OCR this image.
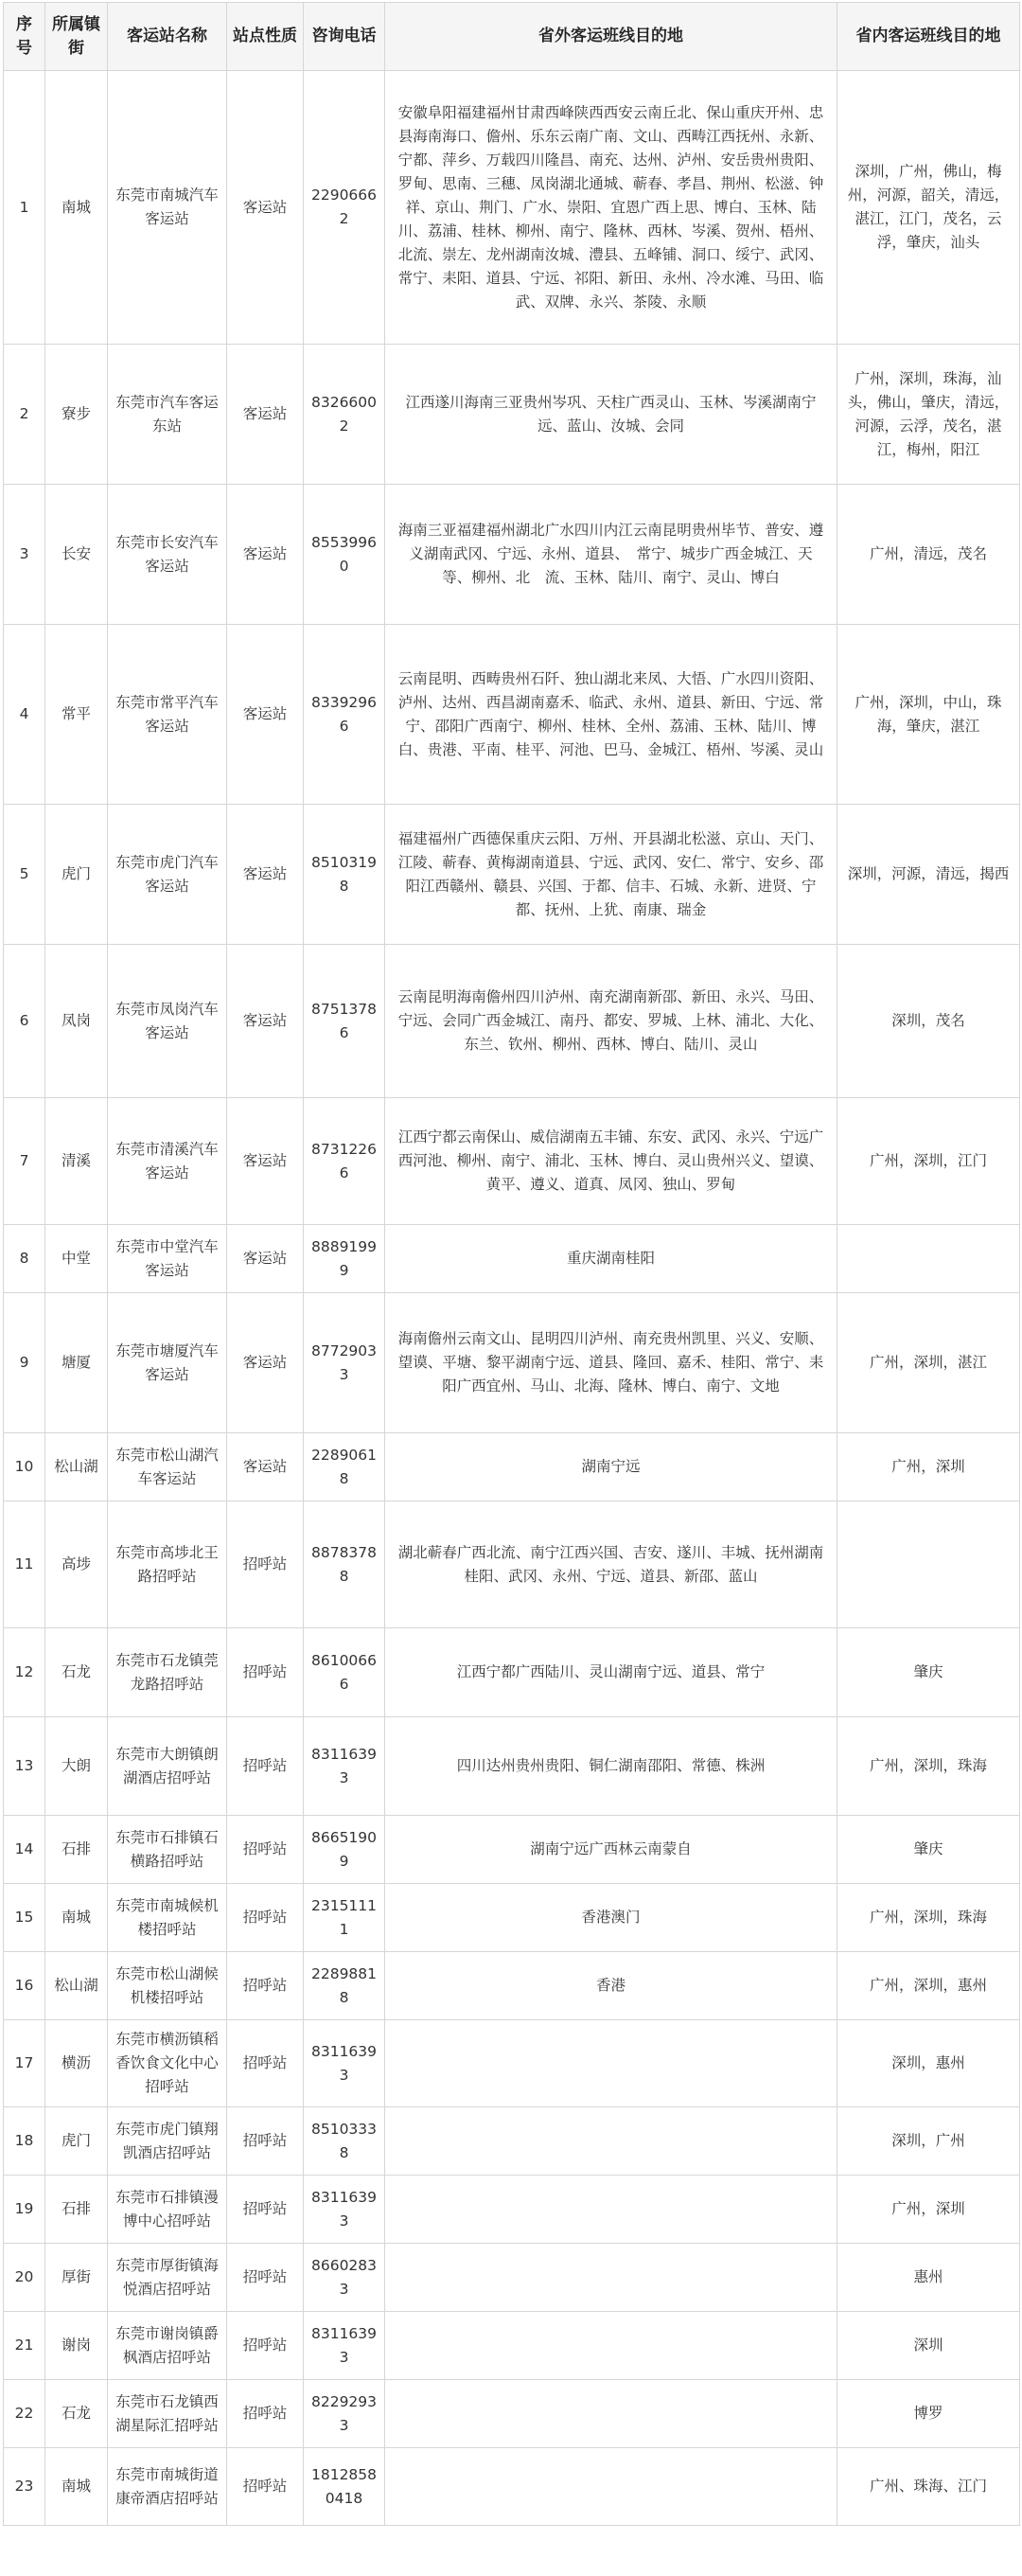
序号	所属镇街	客运站名称	站点性质	咨询电话	省外客运班线目的地	省内客运班线目的地
1	南城	东莞市南城汽车客运站	客运站	22906662	安徽阜阳福建福州甘肃西峰陕西西安云南丘北、保山重庆开州、忠县海南海口、儋州、乐东云南广南、文山、西畴江西抚州、永新、宁都、萍乡、万载四川隆昌、南充、达州、泸州、安岳贵州贵阳、罗甸、思南、三穗、凤岗湖北通城、蕲春、孝昌、荆州、松滋、钟祥、京山、荆门、广水、崇阳、宜恩广西上思、博白、玉林、陆川、荔浦、桂林、柳州、南宁、隆林、西林、岑溪、贺州、梧州、北流、崇左、龙州湖南汝城、澧县、五峰铺、洞口、绥宁、武冈、常宁、耒阳、道县、宁远、祁阳、新田、永州、冷水滩、马田、临武、双牌、永兴、茶陵、永顺	深圳，广州，佛山，梅州，河源，韶关，清远，湛江，江门，茂名，云浮，肇庆，汕头
2	寮步	东莞市汽车客运东站	客运站	83266002	江西遂川海南三亚贵州岑巩、天柱广西灵山、玉林、岑溪湖南宁远、蓝山、汝城、会同	广州，深圳，珠海，汕头，佛山，肇庆，清远，河源，云浮，茂名，湛江，梅州，阳江
3	长安	东莞市长安汽车客运站	客运站	85539960	海南三亚福建福州湖北广水四川内江云南昆明贵州毕节、普安、遵义湖南武冈、宁远、永州、道县、　常宁、城步广西金城江、天等、柳州、北　流、玉林、陆川、南宁、灵山、博白	广州，清远，茂名
4	常平	东莞市常平汽车客运站	客运站	83392966	云南昆明、西畴贵州石阡、独山湖北来凤、大悟、广水四川资阳、泸州、达州、西昌湖南嘉禾、临武、永州、道县、新田、宁远、常宁、邵阳广西南宁、柳州、桂林、全州、荔浦、玉林、陆川、博白、贵港、平南、桂平、河池、巴马、金城江、梧州、岑溪、灵山	广州，深圳，中山，珠海，肇庆，湛江
5	虎门	东莞市虎门汽车客运站	客运站	85103198	福建福州广西德保重庆云阳、万州、开县湖北松滋、京山、天门、江陵、蕲春、黄梅湖南道县、宁远、武冈、安仁、常宁、安乡、邵阳江西赣州、赣县、兴国、于都、信丰、石城、永新、进贤、宁都、抚州、上犹、南康、瑞金	深圳，河源，清远，揭西
6	凤岗	东莞市凤岗汽车客运站	客运站	87513786	云南昆明海南儋州四川泸州、南充湖南新邵、新田、永兴、马田、宁远、会同广西金城江、南丹、都安、罗城、上林、浦北、大化、东兰、钦州、柳州、西林、博白、陆川、灵山	深圳，茂名
7	清溪	东莞市清溪汽车客运站	客运站	87312266	江西宁都云南保山、威信湖南五丰铺、东安、武冈、永兴、宁远广西河池、柳州、南宁、浦北、玉林、博白、灵山贵州兴义、望谟、黄平、遵义、道真、凤冈、独山、罗甸	广州，深圳，江门
8	中堂	东莞市中堂汽车客运站	客运站	88891999	重庆湖南桂阳	
9	塘厦	东莞市塘厦汽车客运站	客运站	87729033	海南儋州云南文山、昆明四川泸州、南充贵州凯里、兴义、安顺、望谟、平塘、黎平湖南宁远、道县、隆回、嘉禾、桂阳、常宁、耒阳广西宜州、马山、北海、隆林、博白、南宁、文地	广州，深圳，湛江
10	松山湖	东莞市松山湖汽车客运站	客运站	22890618	湖南宁远	广州，深圳
11	高埗	东莞市高埗北王路招呼站	招呼站	88783788	湖北蕲春广西北流、南宁江西兴国、吉安、遂川、丰城、抚州湖南桂阳、武冈、永州、宁远、道县、新邵、蓝山	
12	石龙	东莞市石龙镇莞龙路招呼站	招呼站	86100666	江西宁都广西陆川、灵山湖南宁远、道县、常宁	肇庆
13	大朗	东莞市大朗镇朗湖酒店招呼站	招呼站	83116393	四川达州贵州贵阳、铜仁湖南邵阳、常德、株洲	广州，深圳，珠海
14	石排	东莞市石排镇石横路招呼站	招呼站	86651909	湖南宁远广西林云南蒙自	肇庆
15	南城	东莞市南城候机楼招呼站	招呼站	23151111	香港澳门	广州，深圳，珠海
16	松山湖	东莞市松山湖候机楼招呼站	招呼站	22898818	香港	广州，深圳，惠州
17	横沥	东莞市横沥镇稻香饮食文化中心招呼站	招呼站	83116393		深圳，惠州
18	虎门	东莞市虎门镇翔凯酒店招呼站	招呼站	85103338		深圳，广州
19	石排	东莞市石排镇漫博中心招呼站	招呼站	83116393		广州，深圳
20	厚街	东莞市厚街镇海悦酒店招呼站	招呼站	86602833		惠州
21	谢岗	东莞市谢岗镇爵枫酒店招呼站	招呼站	83116393		深圳
22	石龙	东莞市石龙镇西湖星际汇招呼站	招呼站	82292933		博罗
23	南城	东莞市南城街道康帝酒店招呼站	招呼站	18128580418		广州、珠海、江门
